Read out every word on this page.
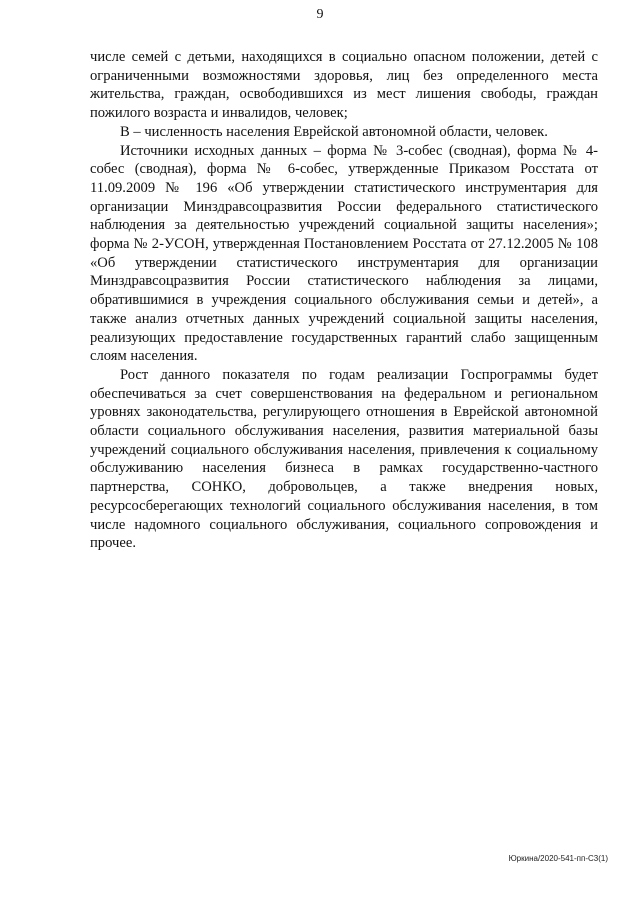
9

числе семей с детьми, находящихся в социально опасном положении, детей с ограниченными возможностями здоровья, лиц без определенного места жительства, граждан, освободившихся из мест лишения свободы, граждан пожилого возраста и инвалидов, человек;

В – численность населения Еврейской автономной области, человек.

Источники исходных данных – форма № 3-собес (сводная), форма № 4-собес (сводная), форма № 6-собес, утвержденные Приказом Росстата от 11.09.2009 № 196 «Об утверждении статистического инструментария для организации Минздравсоцразвития России федерального статистического наблюдения за деятельностью учреждений социальной защиты населения»; форма № 2-УСОН, утвержденная Постановлением Росстата от 27.12.2005 № 108 «Об утверждении статистического инструментария для организации Минздравсоцразвития России статистического наблюдения за лицами, обратившимися в учреждения социального обслуживания семьи и детей», а также анализ отчетных данных учреждений социальной защиты населения, реализующих предоставление государственных гарантий слабо защищенным слоям населения.

Рост данного показателя по годам реализации Госпрограммы будет обеспечиваться за счет совершенствования на федеральном и региональном уровнях законодательства, регулирующего отношения в Еврейской автономной области социального обслуживания населения, развития материальной базы учреждений социального обслуживания населения, привлечения к социальному обслуживанию населения бизнеса в рамках государственно-частного партнерства, СОНКО, добровольцев, а также внедрения новых, ресурсосберегающих технологий социального обслуживания населения, в том числе надомного социального обслуживания, социального сопровождения и прочее.

Юркина/2020-541-пп-С3(1)
